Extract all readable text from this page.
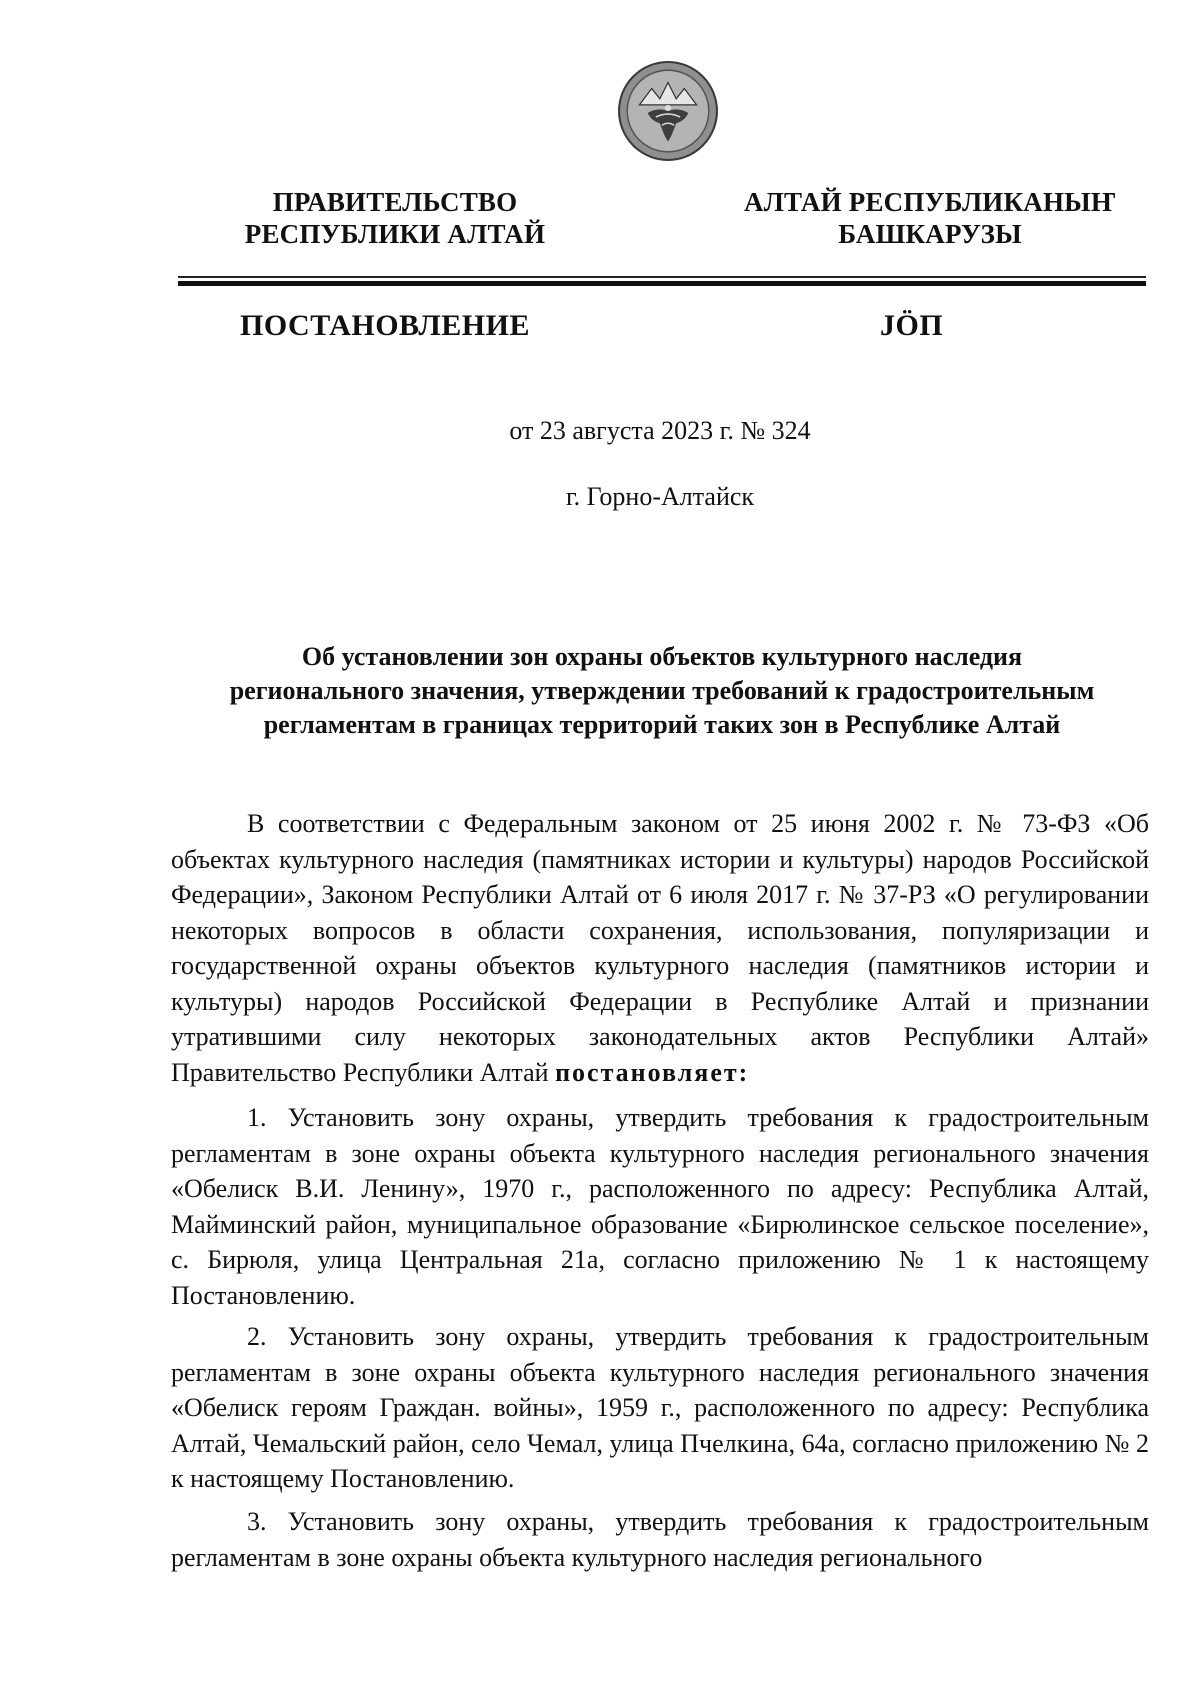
ПРАВИТЕЛЬСТВО
РЕСПУБЛИКИ АЛТАЙ
АЛТАЙ РЕСПУБЛИКАНЫҤ
БАШКАРУЗЫ
ПОСТАНОВЛЕНИЕ	JӦП
от 23 августа 2023 г. № 324
г. Горно-Алтайск
Об установлении зон охраны объектов культурного наследия
регионального значения, утверждении требований к градостроительным
регламентам в границах территорий таких зон в Республике Алтай

В соответствии с Федеральным законом от 25 июня 2002 г. № 73-ФЗ «Об объектах культурного наследия (памятниках истории и культуры) народов Российской Федерации», Законом Республики Алтай от 6 июля 2017 г. № 37-РЗ «О регулировании некоторых вопросов в области сохранения, использования, популяризации и государственной охраны объектов культурного наследия (памятников истории и культуры) народов Российской Федерации в Республике Алтай и признании утратившими силу некоторых законодательных актов Республики Алтай» Правительство Республики Алтай постановляет:

1. Установить зону охраны, утвердить требования к градостроительным регламентам в зоне охраны объекта культурного наследия регионального значения «Обелиск В.И. Ленину», 1970 г., расположенного по адресу: Республика Алтай, Майминский район, муниципальное образование «Бирюлинское сельское поселение», с. Бирюля, улица Центральная 21а, согласно приложению № 1 к настоящему Постановлению.

2. Установить зону охраны, утвердить требования к градостроительным регламентам в зоне охраны объекта культурного наследия регионального значения «Обелиск героям Граждан. войны», 1959 г., расположенного по адресу: Республика Алтай, Чемальский район, село Чемал, улица Пчелкина, 64а, согласно приложению № 2 к настоящему Постановлению.

3. Установить зону охраны, утвердить требования к градостроительным регламентам в зоне охраны объекта культурного наследия регионального
